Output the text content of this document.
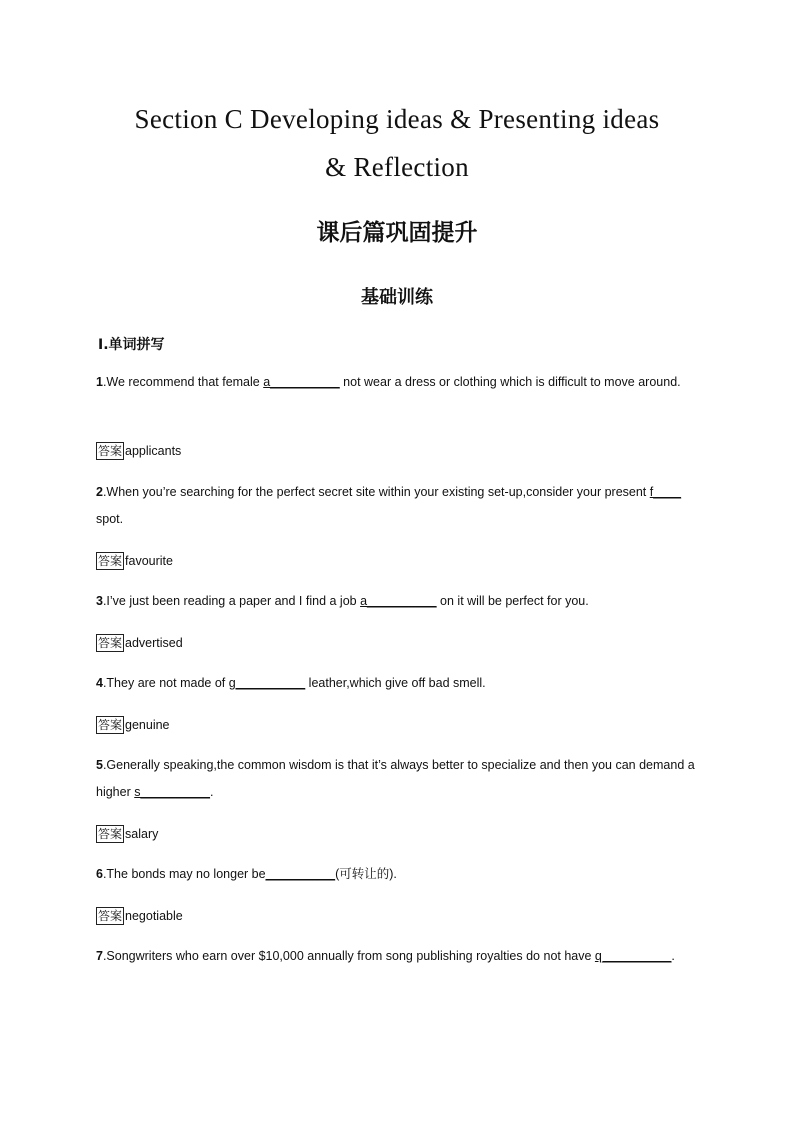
Section C Developing ideas & Presenting ideas
& Reflection
课后篇巩固提升
基础训练
Ⅰ.单词拼写
1.We recommend that female a__________ not wear a dress or clothing which is difficult to move around.
答案 applicants
2.When you’re searching for the perfect secret site within your existing set-up,consider your present f____ spot.
答案 favourite
3.I’ve just been reading a paper and I find a job a__________ on it will be perfect for you.
答案 advertised
4.They are not made of g__________ leather,which give off bad smell.
答案 genuine
5.Generally speaking,the common wisdom is that it’s always better to specialize and then you can demand a higher s__________.
答案 salary
6.The bonds may no longer be__________(可转让的).
答案 negotiable
7.Songwriters who earn over $10,000 annually from song publishing royalties do not have q__________.
